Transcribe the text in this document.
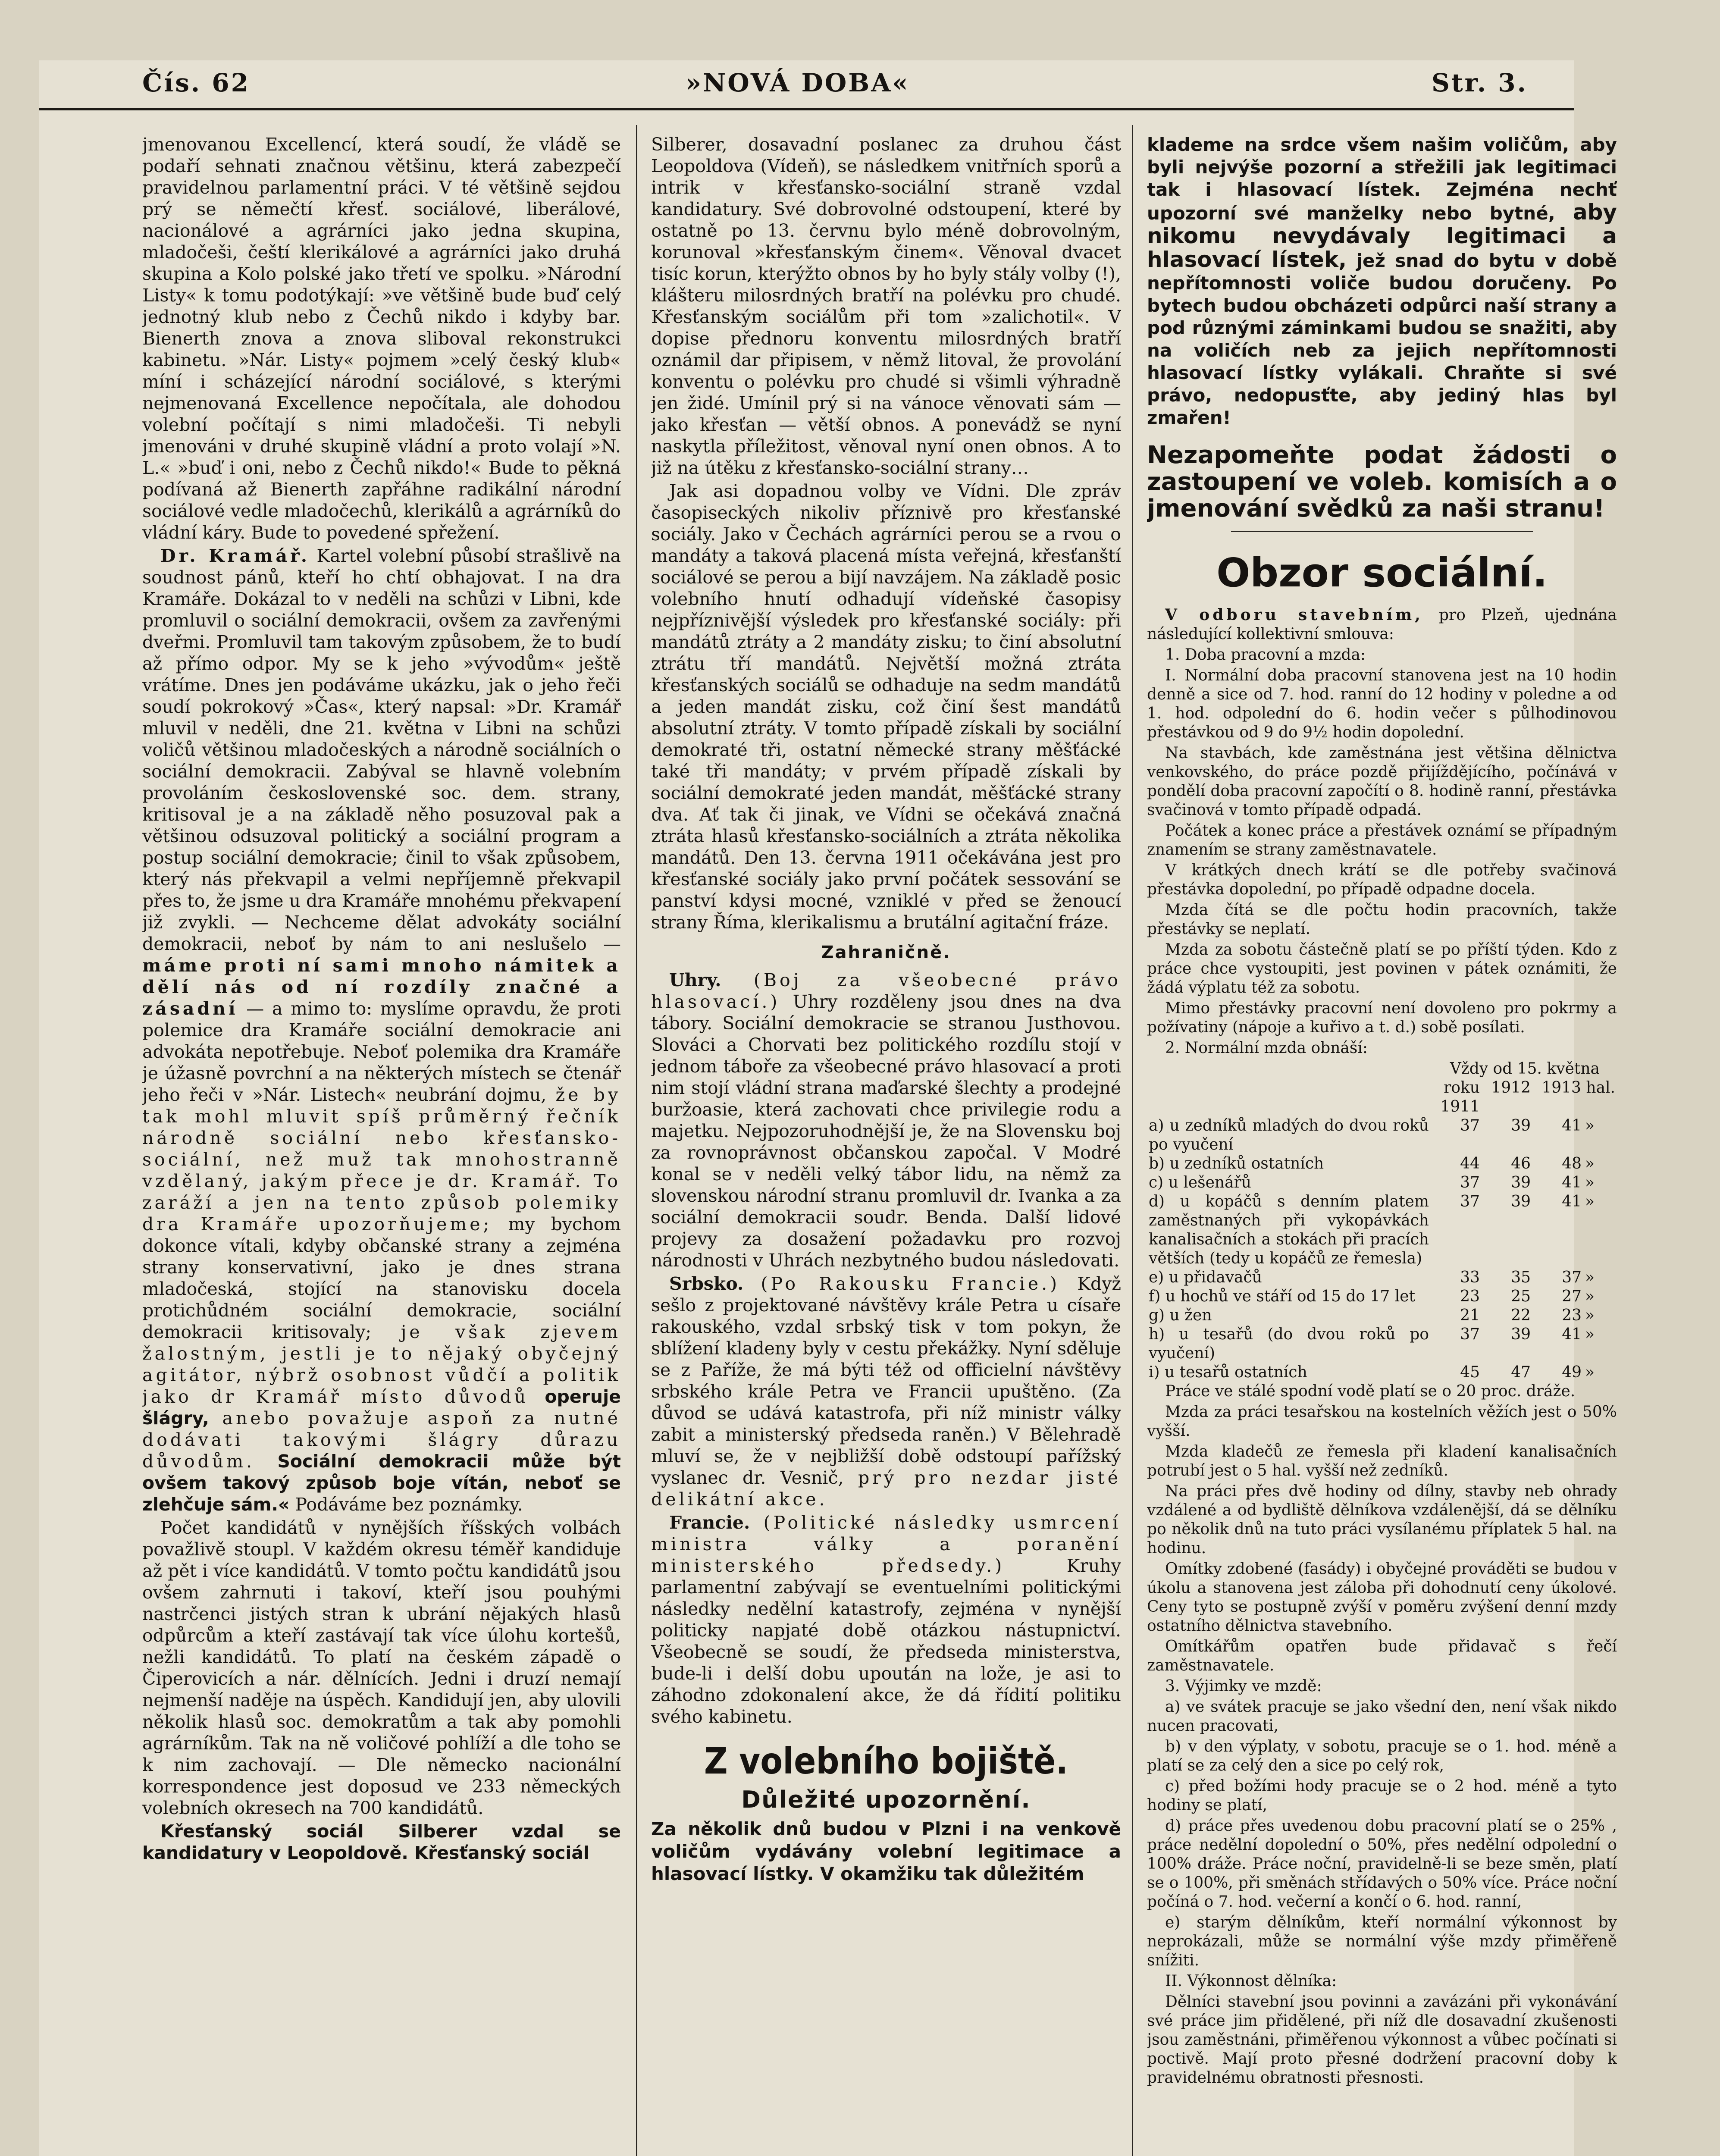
Čís. 62	»NOVÁ DOBA«	Str. 3.

jmenovanou Excellencí, která soudí, že vládě se podaří sehnati značnou většinu, která zabezpečí pravidelnou parlamentní práci. V té většině sejdou prý se němečtí křesť. sociálové, liberálové, nacionálové a agrárníci jako jedna skupina, mladočeši, čeští klerikálové a agrárníci jako druhá skupina a Kolo polské jako třetí ve spolku. »Národní Listy« k tomu podotýkají: »ve většině bude buď celý jednotný klub nebo z Čechů nikdo i kdyby bar. Bienerth znova a znova sliboval rekonstrukci kabinetu. »Nár. Listy« pojmem »celý český klub« míní i scházející národní sociálové, s kterými nejmenovaná Excellence nepočítala, ale dohodou volební počítají s nimi mladočeši. Ti nebyli jmenováni v druhé skupině vládní a proto volají »N. L.« »buď i oni, nebo z Čechů nikdo!« Bude to pěkná podívaná až Bienerth zapřáhne radikální národní sociálové vedle mladočechů, klerikálů a agrárníků do vládní káry. Bude to povedené spřežení.

Dr. Kramář. Kartel volební působí strašlivě na soudnost pánů, kteří ho chtí obhajovat. I na dra Kramáře. Dokázal to v neděli na schůzi v Libni, kde promluvil o sociální demokracii, ovšem za zavřenými dveřmi. Promluvil tam takovým způsobem, že to budí až přímo odpor. My se k jeho »vývodům« ještě vrátíme. Dnes jen podáváme ukázku, jak o jeho řeči soudí pokrokový »Čas«, který napsal: »Dr. Kramář mluvil v neděli, dne 21. května v Libni na schůzi voličů většinou mladočeských a národně sociálních o sociální demokracii. Zabýval se hlavně volebním provoláním československé soc. dem. strany, kritisoval je a na základě něho posuzoval pak a většinou odsuzoval politický a sociální program a postup sociální demokracie; činil to však způsobem, který nás překvapil a velmi nepříjemně překvapil přes to, že jsme u dra Kramáře mnohému překvapení již zvykli. — Nechceme dělat advokáty sociální demokracii, neboť by nám to ani neslušelo — máme proti ní sami mnoho námitek a dělí nás od ní rozdíly značné a zásadní — a mimo to: myslíme opravdu, že proti polemice dra Kramáře sociální demokracie ani advokáta nepotřebuje. Neboť polemika dra Kramáře je úžasně povrchní a na některých místech se čtenář jeho řeči v »Nár. Listech« neubrání dojmu, že by tak mohl mluvit spíš průměrný řečník národně sociální nebo křesťansko-sociální, než muž tak mnohostranně vzdělaný, jakým přece je dr. Kramář. To zaráží a jen na tento způsob polemiky dra Kramáře upozorňujeme; my bychom dokonce vítali, kdyby občanské strany a zejména strany konservativní, jako je dnes strana mladočeská, stojící na stanovisku docela protichůdném sociální demokracie, sociální demokracii kritisovaly; je však zjevem žalostným, jestli je to nějaký obyčejný agitátor, nýbrž osobnost vůdčí a politik jako dr Kramář místo důvodů operuje šlágry, anebo považuje aspoň za nutné dodávati takovými šlágry důrazu důvodům. Sociální demokracii může být ovšem takový způsob boje vítán, neboť se zlehčuje sám.« Podáváme bez poznámky.

Počet kandidátů v nynějších říšských volbách považlivě stoupl. V každém okresu téměř kandiduje až pět i více kandidátů. V tomto počtu kandidátů jsou ovšem zahrnuti i takoví, kteří jsou pouhými nastrčenci jistých stran k ubrání nějakých hlasů odpůrcům a kteří zastávají tak více úlohu kortešů, nežli kandidátů. To platí na českém západě o Čiperovicích a nár. dělnících. Jedni i druzí nemají nejmenší naděje na úspěch. Kandidují jen, aby ulovili několik hlasů soc. demokratům a tak aby pomohli agrárníkům. Tak na ně voličové pohlíží a dle toho se k nim zachovají. — Dle německo nacionální korrespondence jest doposud ve 233 německých volebních okresech na 700 kandidátů.

Křesťanský sociál Silberer vzdal se kandidatury v Leopoldově. Křesťanský sociál

Silberer, dosavadní poslanec za druhou část Leopoldova (Vídeň), se následkem vnitřních sporů a intrik v křesťansko-sociální straně vzdal kandidatury. Své dobrovolné odstoupení, které by ostatně po 13. červnu bylo méně dobrovolným, korunoval »křesťanským činem«. Věnoval dvacet tisíc korun, kterýžto obnos by ho byly stály volby (!), klášteru milosrdných bratří na polévku pro chudé. Křesťanským sociálům při tom »zalichotil«. V dopise přednoru konventu milosrdných bratří oznámil dar připisem, v němž litoval, že provolání konventu o polévku pro chudé si všimli výhradně jen židé. Umínil prý si na vánoce věnovati sám — jako křesťan — větší obnos. A ponevádž se nyní naskytla příležitost, věnoval nyní onen obnos. A to již na útěku z křesťansko-sociální strany…

Jak asi dopadnou volby ve Vídni. Dle zpráv časopiseckých nikoliv příznivě pro křesťanské sociály. Jako v Čechách agrárníci perou se a rvou o mandáty a taková placená místa veřejná, křesťanští sociálové se perou a bijí navzájem. Na základě posic volebního hnutí odhadují vídeňské časopisy nejpříznivější výsledek pro křesťanské sociály: při mandátů ztráty a 2 mandáty zisku; to činí absolutní ztrátu tří mandátů. Největší možná ztráta křesťanských sociálů se odhaduje na sedm mandátů a jeden mandát zisku, což činí šest mandátů absolutní ztráty. V tomto případě získali by sociální demokraté tři, ostatní německé strany měšťácké také tři mandáty; v prvém případě získali by sociální demokraté jeden mandát, měšťácké strany dva. Ať tak či jinak, ve Vídni se očekává značná ztráta hlasů křesťansko-sociálních a ztráta několika mandátů. Den 13. června 1911 očekávána jest pro křesťanské sociály jako první počátek sessování se panství kdysi mocné, vzniklé v před se ženoucí strany Říma, klerikalismu a brutální agitační fráze.

Zahraničně.

Uhry. (Boj za všeobecné právo hlasovací.) Uhry rozděleny jsou dnes na dva tábory. Sociální demokracie se stranou Justhovou. Slováci a Chorvati bez politického rozdílu stojí v jednom táboře za všeobecné právo hlasovací a proti nim stojí vládní strana maďarské šlechty a prodejné buržoasie, která zachovati chce privilegie rodu a majetku. Nejpozoruhodnější je, že na Slovensku boj za rovnoprávnost občanskou započal. V Modré konal se v neděli velký tábor lidu, na němž za slovenskou národní stranu promluvil dr. Ivanka a za sociální demokracii soudr. Benda. Další lidové projevy za dosažení požadavku pro rozvoj národnosti v Uhrách nezbytného budou následovati.

Srbsko. (Po Rakousku Francie.) Když sešlo z projektované návštěvy krále Petra u císaře rakouského, vzdal srbský tisk v tom pokyn, že sblížení kladeny byly v cestu překážky. Nyní sděluje se z Paříže, že má býti též od officielní návštěvy srbského krále Petra ve Francii upuštěno. (Za důvod se udává katastrofa, při níž ministr války zabit a ministerský předseda raněn.) V Bělehradě mluví se, že v nejbližší době odstoupí pařížský vyslanec dr. Vesnič, prý pro nezdar jisté delikátní akce.

Francie. (Politické následky usmrcení ministra války a poranění ministerského předsedy.)	Kruhy parlamentní zabývají se eventuelními politickými následky nedělní katastrofy, zejména v nynější politicky napjaté době otázkou nástupnictví. Všeobecně se soudí, že předseda ministerstva, bude-li i delší dobu upoután na lože, je asi to záhodno zdokonalení akce, že dá řídití politiku svého kabinetu.

Z volebního bojiště.
Důležité upozornění.

Za několik dnů budou v Plzni i na venkově voličům vydávány volební legitimace a hlasovací lístky. V okamžiku tak důležitém

klademe na srdce všem našim voličům, aby byli nejvýše pozorní a střežili jak legitimaci tak i hlasovací lístek. Zejména nechť upozorní své manželky nebo bytné, aby nikomu nevydávaly legitimaci a hlasovací lístek, jež snad do bytu v době nepřítomnosti voliče budou doručeny. Po bytech budou obcházeti odpůrci naší strany a pod různými záminkami budou se snažiti, aby na voličích neb za jejich nepřítomnosti hlasovací lístky vylákali. Chraňte si své právo, nedopusťte, aby jediný hlas byl zmařen!

Nezapomeňte podat žádosti o zastoupení ve voleb. komisích a o jmenování svědků za naši stranu!

Obzor sociální.

V odboru stavebním, pro Plzeň, ujednána následující kollektivní smlouva:

1. Doba pracovní a mzda:

I. Normální doba pracovní stanovena jest na 10 hodin denně a sice od 7. hod. ranní do 12 hodiny v poledne a od 1. hod. odpolední do 6. hodin večer s půlhodinovou přestávkou od 9 do 9½ hodin dopolední.

Na stavbách, kde zaměstnána jest většina dělnictva venkovského, do práce pozdě přijíždějícího, počínává v pondělí doba pracovní započítí o 8. hodině ranní, přestávka svačinová v tomto případě odpadá.

Počátek a konec práce a přestávek oznámí se případným znamením se strany zaměstnavatele.

V krátkých dnech krátí se dle potřeby svačinová přestávka dopolední, po případě odpadne docela.

Mzda čítá se dle počtu hodin pracovních, takže přestávky se neplatí.

Mzda za sobotu částečně platí se po příští týden. Kdo z práce chce vystoupiti, jest povinen v pátek oznámiti, že žádá výplatu též za sobotu.

Mimo přestávky pracovní není dovoleno pro pokrmy a požívatiny (nápoje a kuřivo a t. d.) sobě posílati.

2. Normální mzda obnáší:

Vždy od 15. května
	roku 1911	1912	1913 hal.	
a) u zedníků mladých do dvou roků po vyučení	37	39	41	»
b) u zedníků ostatních	44	46	48	»
c) u lešenářů	37	39	41	»
d) u kopáčů s denním platem zaměstnaných při vykopávkách kanalisačních a stokách při pracích větších (tedy u kopáčů ze řemesla)	37	39	41	»
e) u přidavačů	33	35	37	»
f) u hochů ve stáří od 15 do 17 let	23	25	27	»
g) u žen	21	22	23	»
h) u tesařů (do dvou roků po vyučení)	37	39	41	»
i) u tesařů ostatních	45	47	49	»

Práce ve stálé spodní vodě platí se o 20 proc. dráže.

Mzda za práci tesařskou na kostelních věžích jest o 50% vyšší.

Mzda kladečů ze řemesla při kladení kanalisačních potrubí jest o 5 hal. vyšší než zedníků.

Na práci přes dvě hodiny od dílny, stavby neb ohrady vzdálené a od bydliště dělníkova vzdálenější, dá se dělníku po několik dnů na tuto práci vysílanému příplatek 5 hal. na hodinu.

Omítky zdobené (fasády) i obyčejné prováděti se budou v úkolu a stanovena jest záloba při dohodnutí ceny úkolové. Ceny tyto se postupně zvýší v poměru zvýšení denní mzdy ostatního dělnictva stavebního.

Omítkářům opatřen bude přidavač s řečí zaměstnavatele.

3. Výjimky ve mzdě:

a) ve svátek pracuje se jako všední den, není však nikdo nucen pracovati,

b) v den výplaty, v sobotu, pracuje se o 1. hod. méně a platí se za celý den a sice po celý rok,

c) před božími hody pracuje se o 2 hod. méně a tyto hodiny se platí,

d) práce přes uvedenou dobu pracovní platí se o 25% , práce nedělní dopolední o 50%, přes nedělní odpolední o 100% dráže. Práce noční, pravidelně-li se beze směn, platí se o 100%, při směnách střídavých o 50% více. Práce noční počíná o 7. hod. večerní a končí o 6. hod. ranní,

e) starým dělníkům, kteří normální výkonnost by neprokázali, může se normální výše mzdy přiměřeně snížiti.

II. Výkonnost dělníka:

Dělníci stavební jsou povinni a zavázáni při vykonávání své práce jim přidělené, při níž dle dosavadní zkušenosti jsou zaměstnáni, přiměřenou výkonnost a vůbec počínati si poctivě. Mají proto přesné dodržení pracovní doby k pravidelnému obratnosti přesnosti.
